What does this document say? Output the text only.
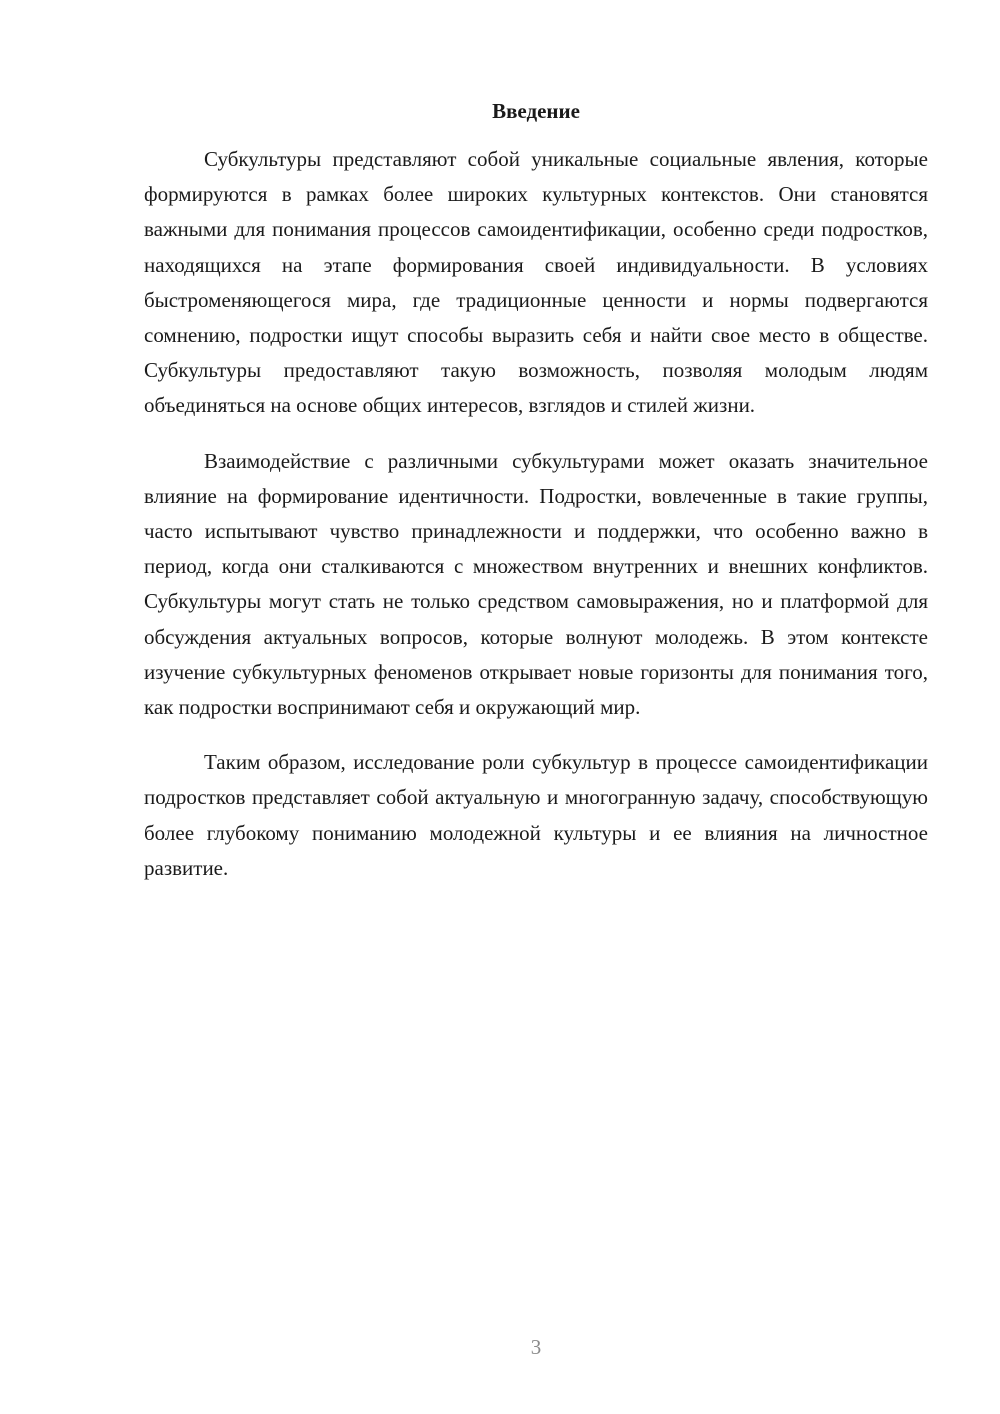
Введение

Субкультуры представляют собой уникальные социальные явления, которые формируются в рамках более широких культурных контекстов. Они становятся важными для понимания процессов самоидентификации, особенно среди подростков, находящихся на этапе формирования своей индивидуальности. В условиях быстроменяющегося мира, где традиционные ценности и нормы подвергаются сомнению, подростки ищут способы выразить себя и найти свое место в обществе. Субкультуры предоставляют такую возможность, позволяя молодым людям объединяться на основе общих интересов, взглядов и стилей жизни.

Взаимодействие с различными субкультурами может оказать значительное влияние на формирование идентичности. Подростки, вовлеченные в такие группы, часто испытывают чувство принадлежности и поддержки, что особенно важно в период, когда они сталкиваются с множеством внутренних и внешних конфликтов. Субкультуры могут стать не только средством самовыражения, но и платформой для обсуждения актуальных вопросов, которые волнуют молодежь. В этом контексте изучение субкультурных феноменов открывает новые горизонты для понимания того, как подростки воспринимают себя и окружающий мир.

Таким образом, исследование роли субкультур в процессе самоидентификации подростков представляет собой актуальную и многогранную задачу, способствующую более глубокому пониманию молодежной культуры и ее влияния на личностное развитие.

3
